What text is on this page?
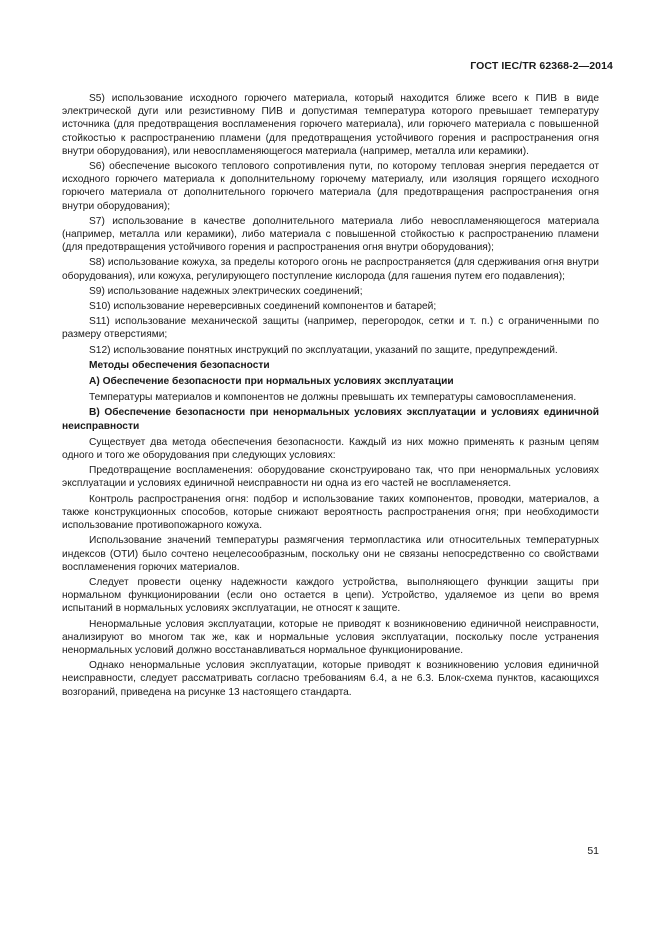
ГОСТ IEC/TR 62368-2—2014

S5) использование исходного горючего материала, который находится ближе всего к ПИВ в виде электрической дуги или резистивному ПИВ и допустимая температура которого превышает температуру источника (для предотвращения воспламенения горючего материала), или горючего материала с повышенной стойкостью к распространению пламени (для предотвращения устойчивого горения и распространения огня внутри оборудования), или невоспламеняющегося материала (например, металла или керамики).

S6) обеспечение высокого теплового сопротивления пути, по которому тепловая энергия передается от исходного горючего материала к дополнительному горючему материалу, или изоляция горящего исходного горючего материала от дополнительного горючего материала (для предотвращения распространения огня внутри оборудования);

S7) использование в качестве дополнительного материала либо невоспламеняющегося материала (например, металла или керамики), либо материала с повышенной стойкостью к распространению пламени (для предотвращения устойчивого горения и распространения огня внутри оборудования);

S8) использование кожуха, за пределы которого огонь не распространяется (для сдерживания огня внутри оборудования), или кожуха, регулирующего поступление кислорода (для гашения путем его подавления);

S9) использование надежных электрических соединений;

S10) использование нереверсивных соединений компонентов и батарей;

S11) использование механической защиты (например, перегородок, сетки и т. п.) с ограниченными по размеру отверстиями;

S12) использование понятных инструкций по эксплуатации, указаний по защите, предупреждений.

Методы обеспечения безопасности

A) Обеспечение безопасности при нормальных условиях эксплуатации

Температуры материалов и компонентов не должны превышать их температуры самовоспламенения.

B) Обеспечение безопасности при ненормальных условиях эксплуатации и условиях единичной неисправности

Существует два метода обеспечения безопасности. Каждый из них можно применять к разным цепям одного и того же оборудования при следующих условиях:

Предотвращение воспламенения: оборудование сконструировано так, что при ненормальных условиях эксплуатации и условиях единичной неисправности ни одна из его частей не воспламеняется.

Контроль распространения огня: подбор и использование таких компонентов, проводки, материалов, а также конструкционных способов, которые снижают вероятность распространения огня; при необходимости использование противопожарного кожуха.

Использование значений температуры размягчения термопластика или относительных температурных индексов (ОТИ) было сочтено нецелесообразным, поскольку они не связаны непосредственно со свойствами воспламенения горючих материалов.

Следует провести оценку надежности каждого устройства, выполняющего функции защиты при нормальном функционировании (если оно остается в цепи). Устройство, удаляемое из цепи во время испытаний в нормальных условиях эксплуатации, не относят к защите.

Ненормальные условия эксплуатации, которые не приводят к возникновению единичной неисправности, анализируют во многом так же, как и нормальные условия эксплуатации, поскольку после устранения ненормальных условий должно восстанавливаться нормальное функционирование.

Однако ненормальные условия эксплуатации, которые приводят к возникновению условия единичной неисправности, следует рассматривать согласно требованиям 6.4, а не 6.3. Блок-схема пунктов, касающихся возгораний, приведена на рисунке 13 настоящего стандарта.

51
